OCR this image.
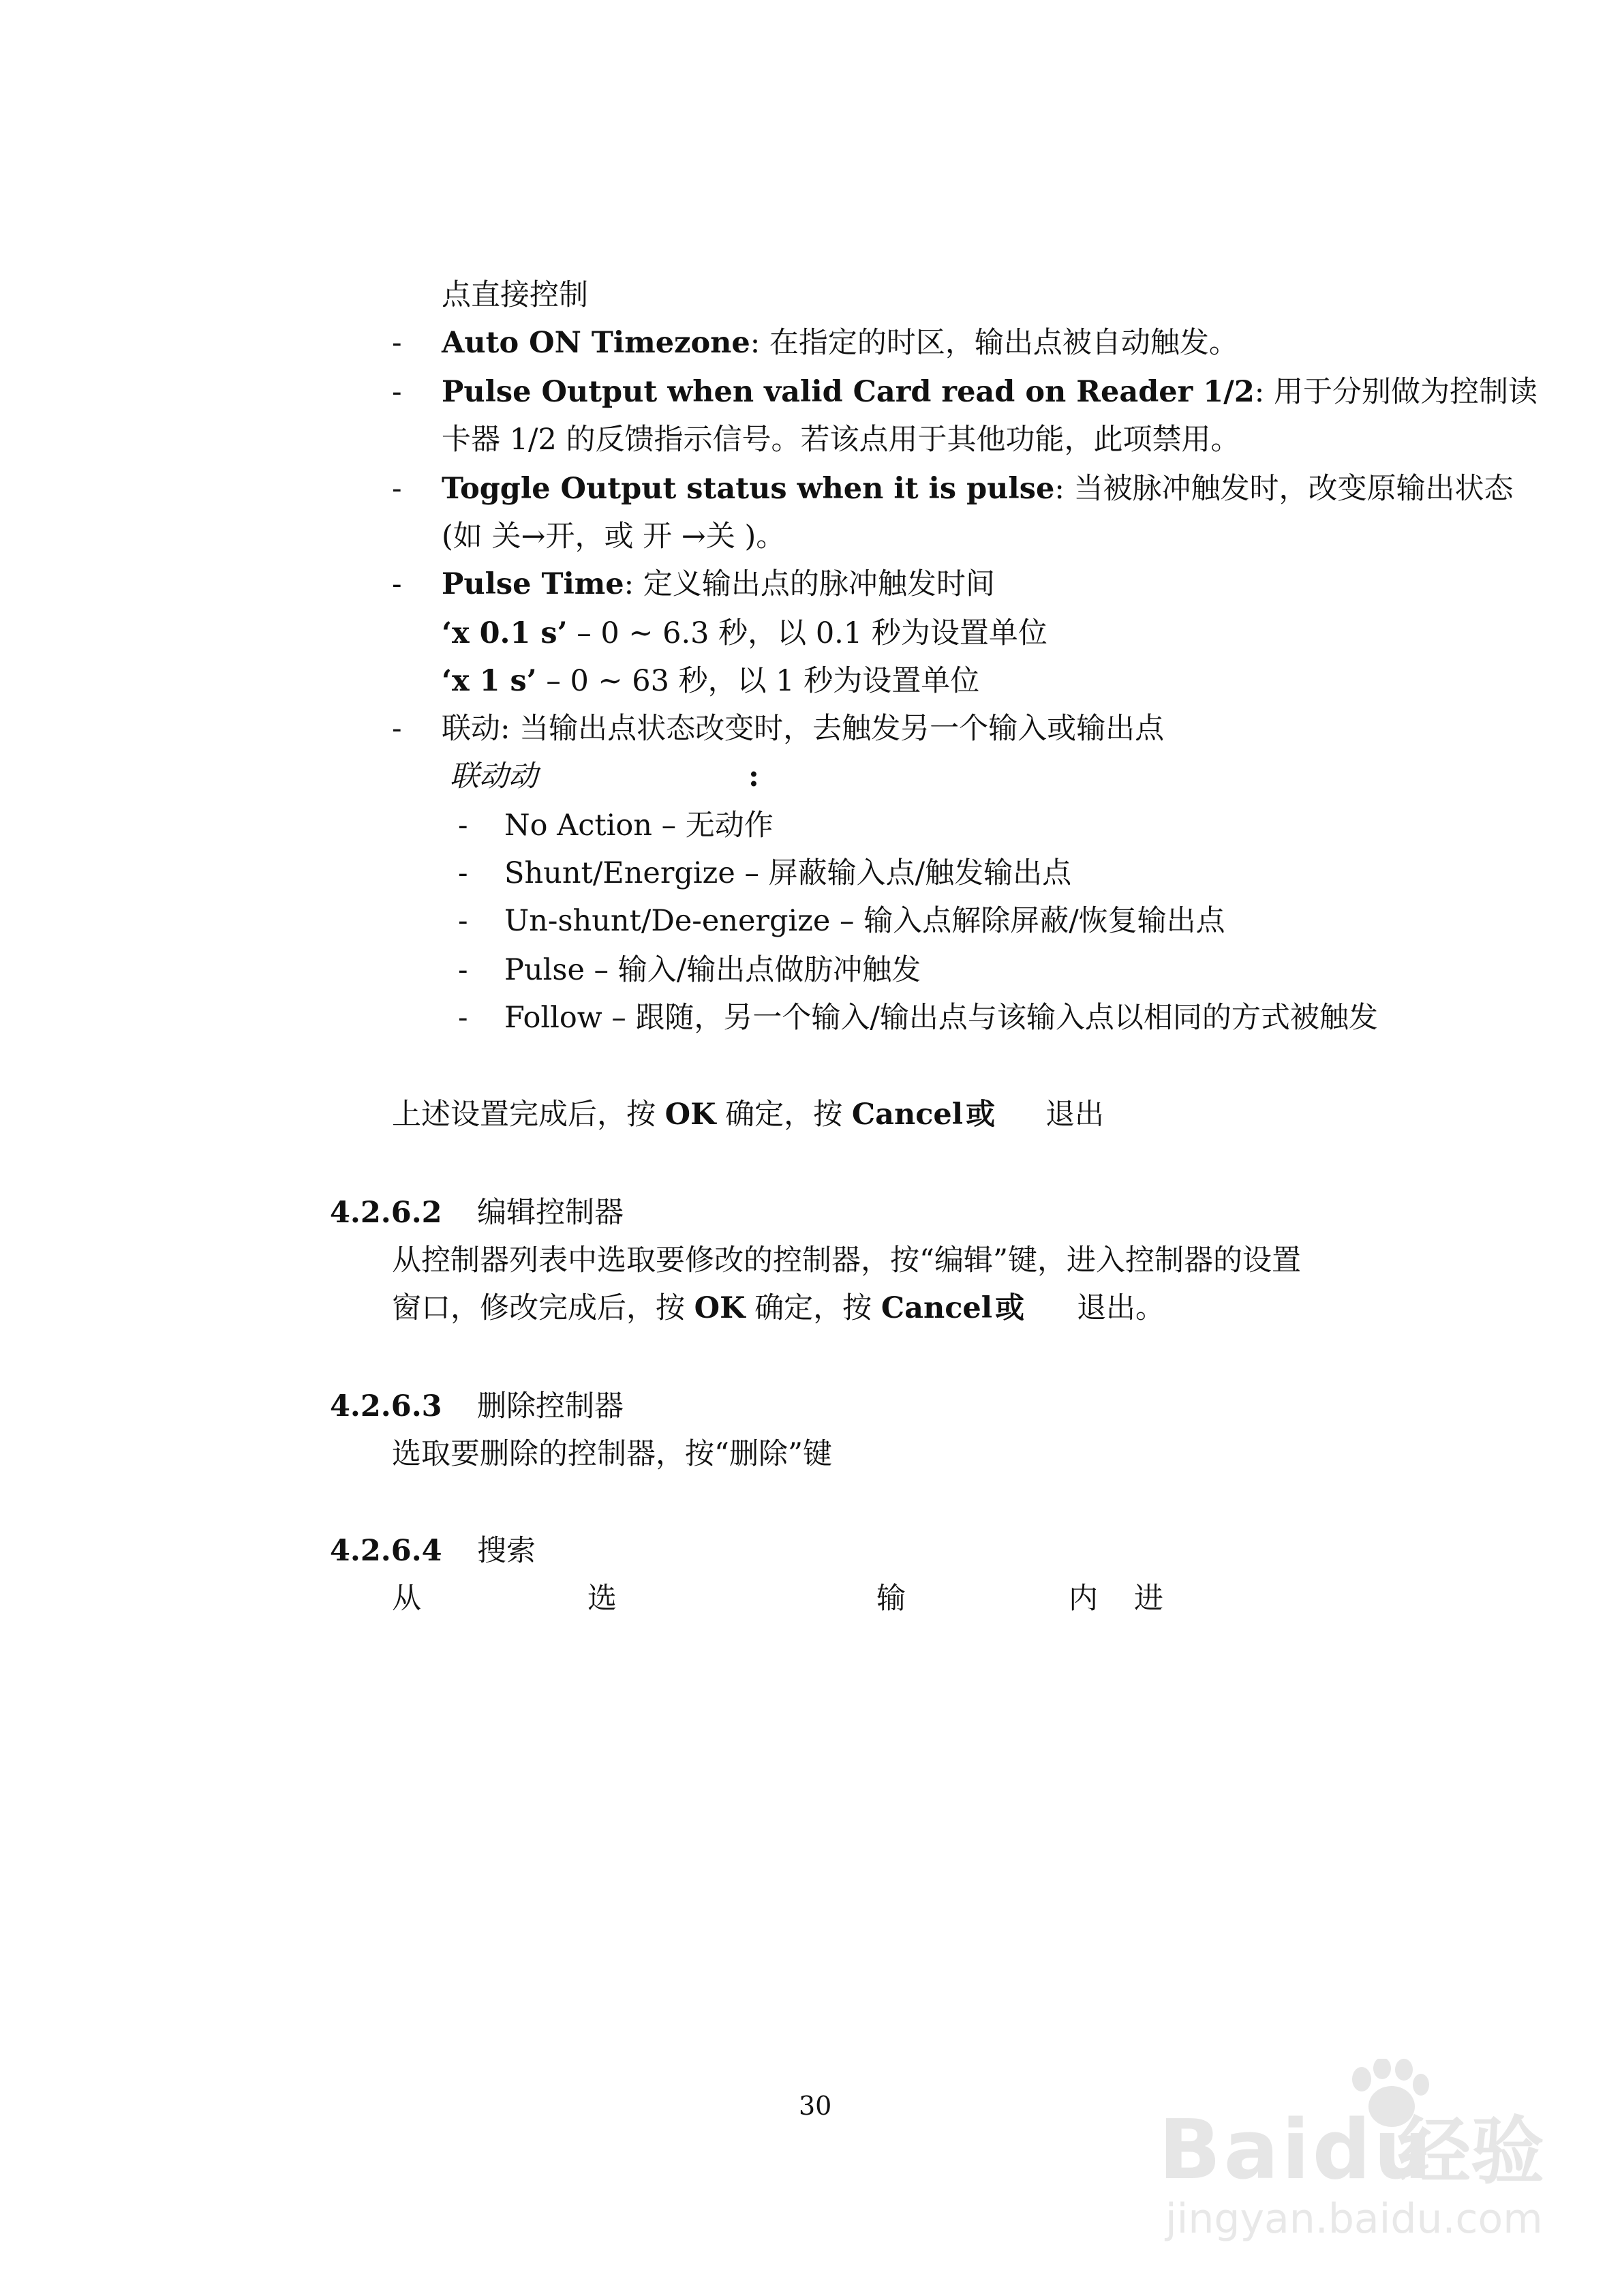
点直接控制
- Auto ON Timezone: 在指定的时区，输出点被自动触发。
- Pulse Output when valid Card read on Reader 1/2: 用于分别做为控制读
卡器 1/2 的反馈指示信号。若该点用于其他功能，此项禁用。
- Toggle Output status when it is pulse: 当被脉冲触发时，改变原输出状态
(如 关→开，或 开 →关 )。
- Pulse Time: 定义输出点的脉冲触发时间
‘x 0.1 s’ – 0 ~ 6.3 秒，以 0.1 秒为设置单位
‘x 1 s’ – 0 ~ 63 秒，以 1 秒为设置单位
- 联动: 当输出点状态改变时，去触发另一个输入或输出点
联动动	:
- No Action – 无动作
- Shunt/Energize – 屏蔽输入点/触发输出点
- Un-shunt/De-energize – 输入点解除屏蔽/恢复输出点
- Pulse – 输入/输出点做肪冲触发
- Follow – 跟随，另一个输入/输出点与该输入点以相同的方式被触发
上述设置完成后，按 OK 确定，按 Cancel或 退出
4.2.6.2 编辑控制器
从控制器列表中选取要修改的控制器，按“编辑”键，进入控制器的设置
窗口，修改完成后，按 OK 确定，按 Cancel或 退出。
4.2.6.3 删除控制器
选取要删除的控制器，按“删除”键
4.2.6.4 搜索
从	选	输	内 进
30	Baidu
经验
jingyan.baidu.com
